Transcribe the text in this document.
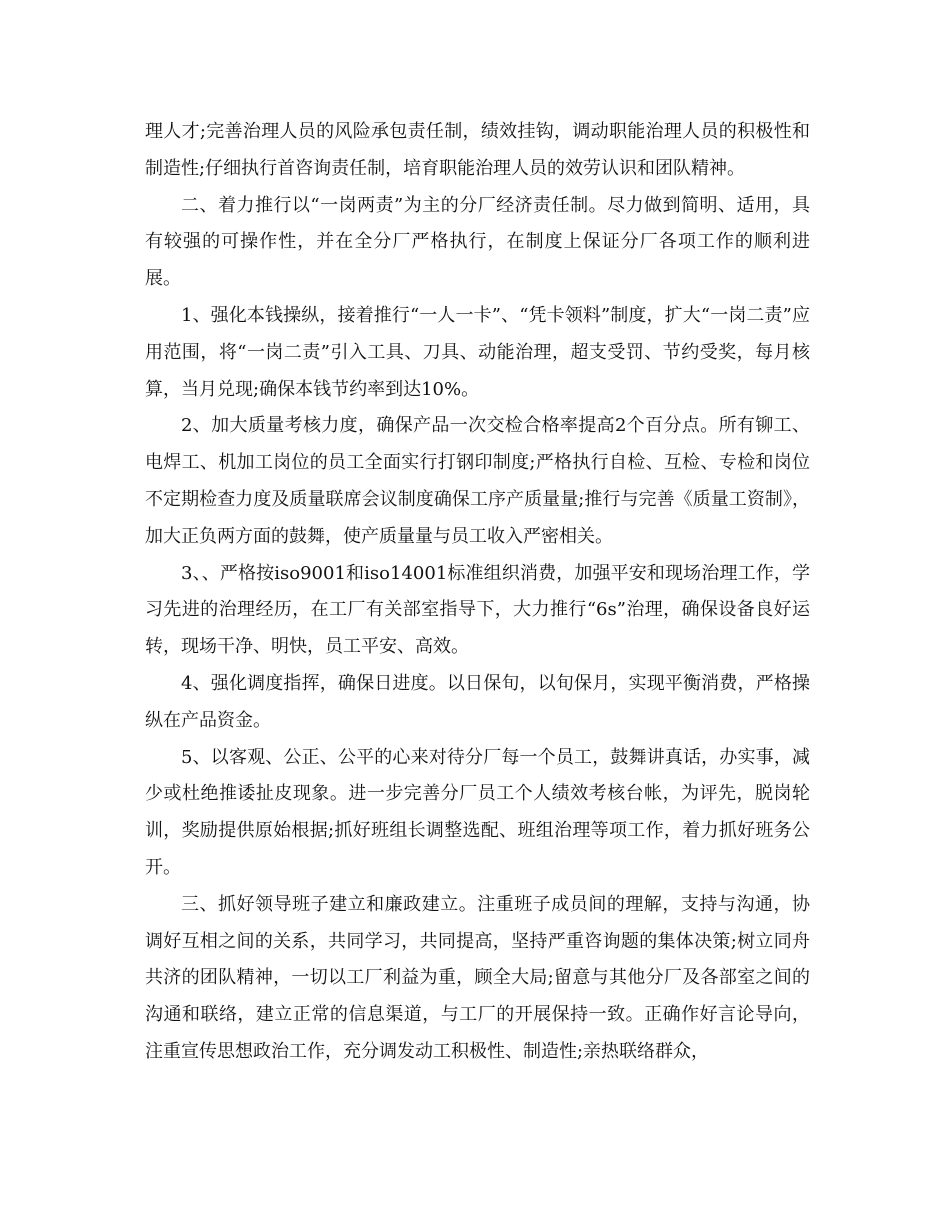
理人才;完善治理人员的风险承包责任制，绩效挂钩，调动职能治理人员的积极性和制造性;仔细执行首咨询责任制，培育职能治理人员的效劳认识和团队精神。

二、着力推行以“一岗两责”为主的分厂经济责任制。尽力做到简明、适用，具有较强的可操作性，并在全分厂严格执行，在制度上保证分厂各项工作的顺利进展。

1、强化本钱操纵，接着推行“一人一卡”、“凭卡领料”制度，扩大“一岗二责”应用范围，将“一岗二责”引入工具、刀具、动能治理，超支受罚、节约受奖，每月核算，当月兑现;确保本钱节约率到达10%。

2、加大质量考核力度，确保产品一次交检合格率提高2个百分点。所有铆工、电焊工、机加工岗位的员工全面实行打钢印制度;严格执行自检、互检、专检和岗位不定期检查力度及质量联席会议制度确保工序产质量量;推行与完善《质量工资制》，加大正负两方面的鼓舞，使产质量量与员工收入严密相关。

3、、严格按iso9001和iso14001标准组织消费，加强平安和现场治理工作，学习先进的治理经历，在工厂有关部室指导下，大力推行“6s”治理，确保设备良好运转，现场干净、明快，员工平安、高效。

4、强化调度指挥，确保日进度。以日保旬，以旬保月，实现平衡消费，严格操纵在产品资金。

5、以客观、公正、公平的心来对待分厂每一个员工，鼓舞讲真话，办实事，减少或杜绝推诿扯皮现象。进一步完善分厂员工个人绩效考核台帐，为评先，脱岗轮训，奖励提供原始根据;抓好班组长调整选配、班组治理等项工作，着力抓好班务公开。

三、抓好领导班子建立和廉政建立。注重班子成员间的理解，支持与沟通，协调好互相之间的关系，共同学习，共同提高，坚持严重咨询题的集体决策;树立同舟共济的团队精神，一切以工厂利益为重，顾全大局;留意与其他分厂及各部室之间的沟通和联络，建立正常的信息渠道，与工厂的开展保持一致。正确作好言论导向，注重宣传思想政治工作，充分调发动工积极性、制造性;亲热联络群众，
